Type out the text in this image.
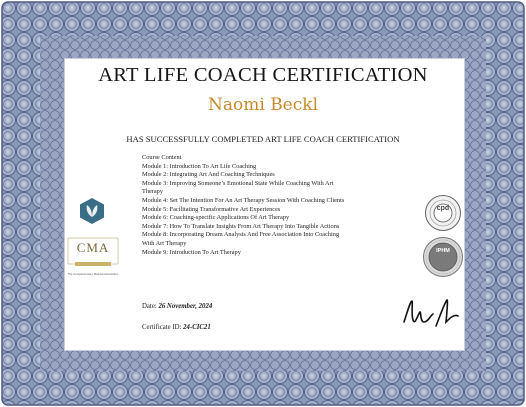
ART LIFE COACH CERTIFICATION
Naomi Beckl
HAS SUCCESSFULLY COMPLETED ART LIFE COACH CERTIFICATION
Course Content
Module 1: Introduction To Art Life Coaching
Module 2: Integrating Art And Coaching Techniques
Module 3: Improving Someone’s Emotional State While Coaching With Art
Therapy
Module 4: Set The Intention For An Art Therapy Session With Coaching Clients
Module 5: Facilitating Transformative Art Experiences
Module 6: Coaching-specific Applications Of Art Therapy
Module 7: How To Translate Insights From Art Therapy Into Tangible Actions
Module 8: Incorporating Dream Analysis And Free Association Into Coaching
With Art Therapy
Module 9: Introduction To Art Therapy
Date: 26 November, 2024
Certificate ID: 24-CIC21
CMA
The Complementary Medical Association
cpd
IPHM
